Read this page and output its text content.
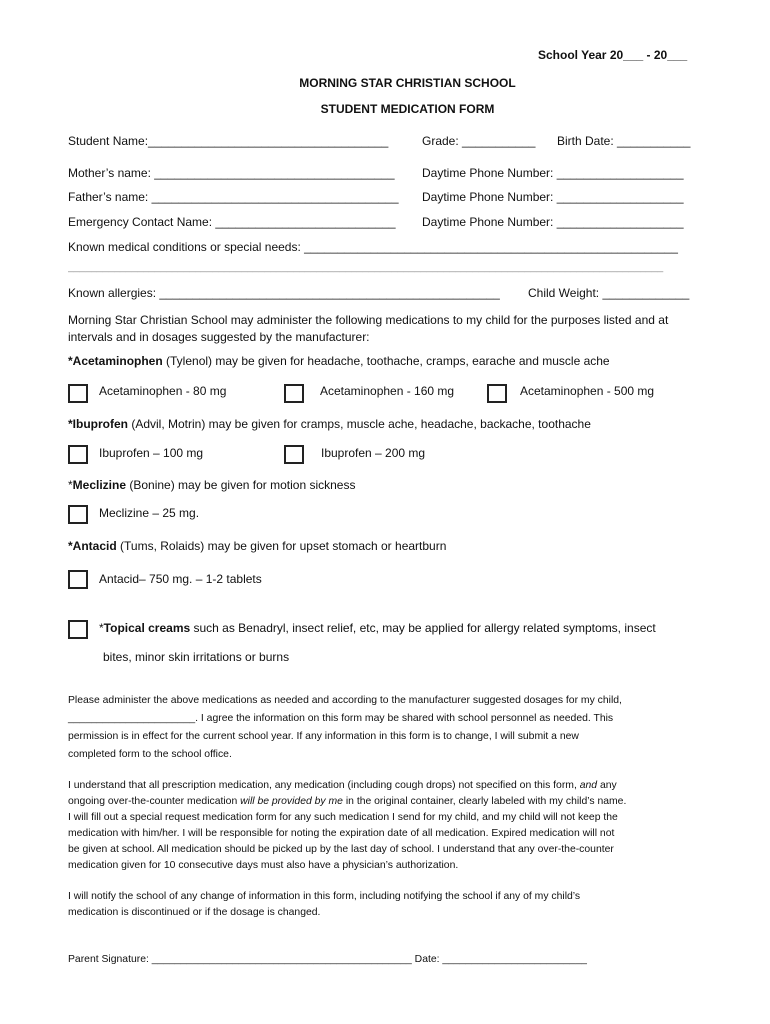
School Year 20___ - 20___
MORNING STAR CHRISTIAN SCHOOL
STUDENT MEDICATION FORM
Student Name:____________________________________	Grade: ___________ Birth Date: ___________
Mother’s name: ____________________________________ Daytime Phone Number: ___________________
Father’s name: _____________________________________ Daytime Phone Number: ___________________
Emergency Contact Name: ___________________________ Daytime Phone Number: ___________________
Known medical conditions or special needs: ________________________________________________________
_______________________________________________________________________________________________________
Known allergies: ___________________________________________________ Child Weight: _____________
Morning Star Christian School may administer the following medications to my child for the purposes listed and at intervals and in dosages suggested by the manufacturer:
*Acetaminophen (Tylenol) may be given for headache, toothache, cramps, earache and muscle ache
Acetaminophen - 80 mg	Acetaminophen - 160 mg	Acetaminophen - 500 mg
*Ibuprofen (Advil, Motrin) may be given for cramps, muscle ache, headache, backache, toothache
Ibuprofen – 100 mg	Ibuprofen – 200 mg
*Meclizine (Bonine) may be given for motion sickness
Meclizine – 25 mg.
*Antacid (Tums, Rolaids) may be given for upset stomach or heartburn
Antacid– 750 mg. – 1-2 tablets
*Topical creams such as Benadryl, insect relief, etc, may be applied for allergy related symptoms, insect
bites, minor skin irritations or burns
Please administer the above medications as needed and according to the manufacturer suggested dosages for my child,
______________________. I agree the information on this form may be shared with school personnel as needed. This
permission is in effect for the current school year. If any information in this form is to change, I will submit a new
completed form to the school office.
I understand that all prescription medication, any medication (including cough drops) not specified on this form, and any
ongoing over-the-counter medication will be provided by me in the original container, clearly labeled with my child’s name.
I will fill out a special request medication form for any such medication I send for my child, and my child will not keep the
medication with him/her. I will be responsible for noting the expiration date of all medication. Expired medication will not
be given at school. All medication should be picked up by the last day of school. I understand that any over-the-counter
medication given for 10 consecutive days must also have a physician’s authorization.
I will notify the school of any change of information in this form, including notifying the school if any of my child’s
medication is discontinued or if the dosage is changed.
Parent Signature: _____________________________________________ Date: _________________________
